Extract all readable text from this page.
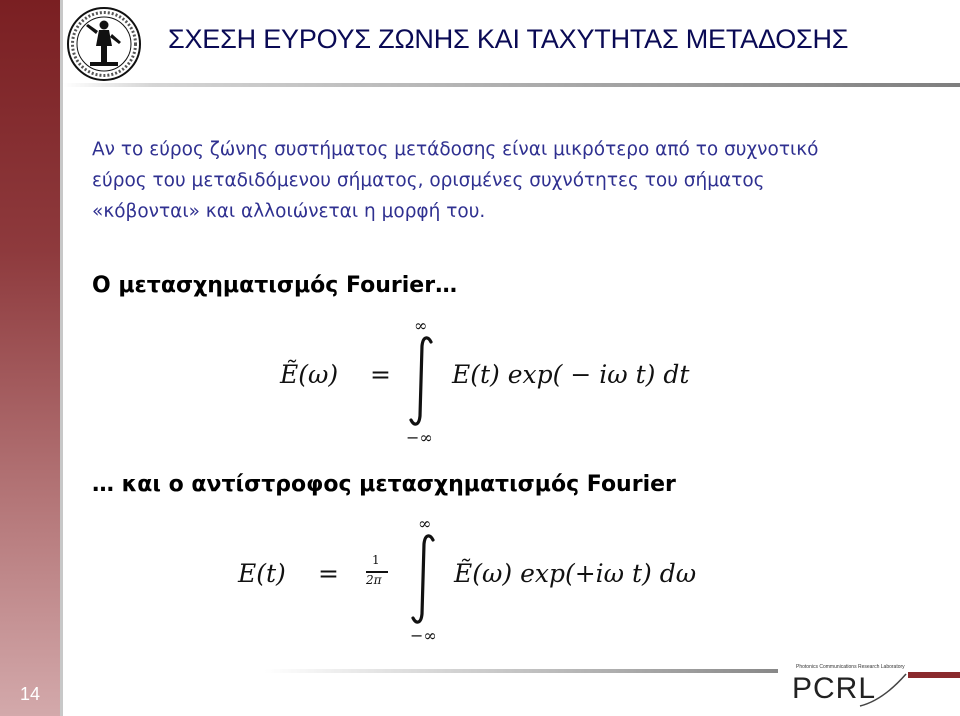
14
ΣΧΕΣΗ ΕΥΡΟΥΣ ΖΩΝΗΣ ΚΑΙ ΤΑΧΥΤΗΤΑΣ ΜΕΤΑΔΟΣΗΣ

Αν το εύρος ζώνης συστήματος μετάδοσης είναι μικρότερο από το συχνοτικό
εύρος του μεταδιδόμενου σήματος, ορισμένες συχνότητες του σήματος
«κόβονται» και αλλοιώνεται η μορφή του.

Ο μετασχηματισμός Fourier…
Ẽ(ω) =
∞
−∞
E(t) exp( − iω t) dt
… και ο αντίστροφος μετασχηματισμός Fourier
E(t) =	1
2π
∞
−∞
Ẽ(ω) exp(+iω t) dω
Photonics Communications Research Laboratory
PCRL
